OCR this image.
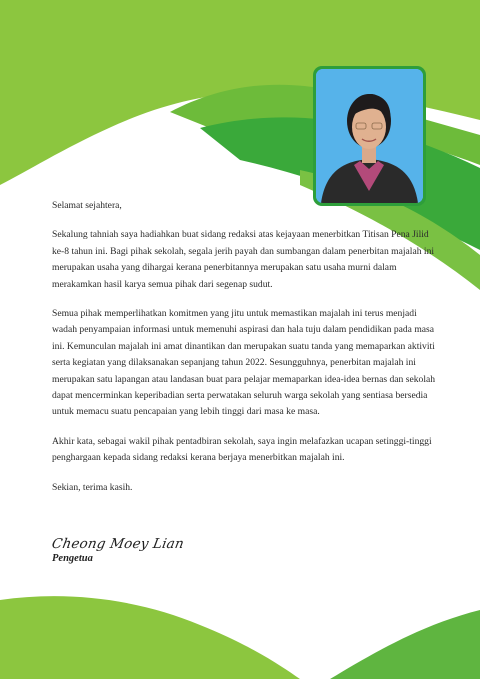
Selamat sejahtera,

Sekalung tahniah saya hadiahkan buat sidang redaksi atas kejayaan menerbitkan Titisan Pena Jilid ke-8 tahun ini. Bagi pihak sekolah, segala jerih payah dan sumbangan dalam penerbitan majalah ini merupakan usaha yang dihargai kerana penerbitannya merupakan satu usaha murni dalam merakamkan hasil karya semua pihak dari segenap sudut.

Semua pihak memperlihatkan komitmen yang jitu untuk memastikan majalah ini terus menjadi wadah penyampaian informasi untuk memenuhi aspirasi dan hala tuju dalam pendidikan pada masa ini. Kemunculan majalah ini amat dinantikan dan merupakan suatu tanda yang memaparkan aktiviti serta kegiatan yang dilaksanakan sepanjang tahun 2022. Sesungguhnya, penerbitan majalah ini merupakan satu lapangan atau landasan buat para pelajar memaparkan idea-idea bernas dan sekolah dapat mencerminkan keperibadian serta perwatakan seluruh warga sekolah yang sentiasa bersedia untuk memacu suatu pencapaian yang lebih tinggi dari masa ke masa.

Akhir kata, sebagai wakil pihak pentadbiran sekolah, saya ingin melafazkan ucapan setinggi-tinggi penghargaan kepada sidang redaksi kerana berjaya menerbitkan majalah ini.

Sekian, terima kasih.

Cheong Moey Lian
Pengetua
